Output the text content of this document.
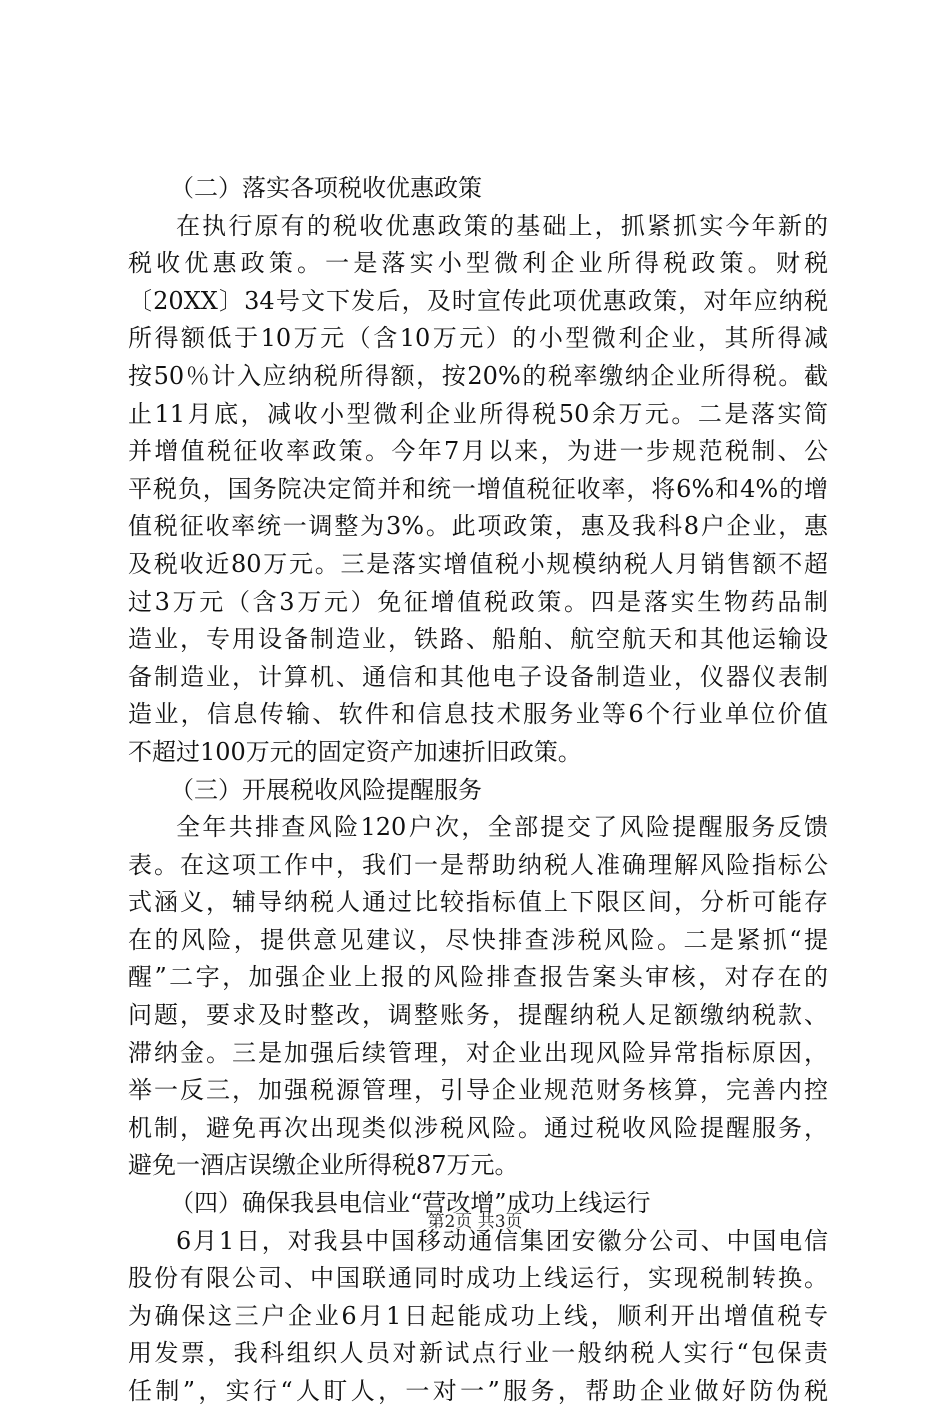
（二）落实各项税收优惠政策
在执行原有的税收优惠政策的基础上，抓紧抓实今年新的
税收优惠政策。一是落实小型微利企业所得税政策。财税
〔20XX〕34号文下发后，及时宣传此项优惠政策，对年应纳税
所得额低于10万元（含10万元）的小型微利企业，其所得减
按50％计入应纳税所得额，按20%的税率缴纳企业所得税。截
止11月底，减收小型微利企业所得税50余万元。二是落实简
并增值税征收率政策。今年7月以来，为进一步规范税制、公
平税负，国务院决定简并和统一增值税征收率，将6%和4%的增
值税征收率统一调整为3%。此项政策，惠及我科8户企业，惠
及税收近80万元。三是落实增值税小规模纳税人月销售额不超
过3万元（含3万元）免征增值税政策。四是落实生物药品制
造业，专用设备制造业，铁路、船舶、航空航天和其他运输设
备制造业，计算机、通信和其他电子设备制造业，仪器仪表制
造业，信息传输、软件和信息技术服务业等6个行业单位价值
不超过100万元的固定资产加速折旧政策。
（三）开展税收风险提醒服务
全年共排查风险120户次，全部提交了风险提醒服务反馈
表。在这项工作中，我们一是帮助纳税人准确理解风险指标公
式涵义，辅导纳税人通过比较指标值上下限区间，分析可能存
在的风险，提供意见建议，尽快排查涉税风险。二是紧抓“提
醒”二字，加强企业上报的风险排查报告案头审核，对存在的
问题，要求及时整改，调整账务，提醒纳税人足额缴纳税款、
滞纳金。三是加强后续管理，对企业出现风险异常指标原因，
举一反三，加强税源管理，引导企业规范财务核算，完善内控
机制，避免再次出现类似涉税风险。通过税收风险提醒服务，
避免一酒店误缴企业所得税87万元。
（四）确保我县电信业“营改增”成功上线运行
6月1日，对我县中国移动通信集团安徽分公司、中国电信
股份有限公司、中国联通同时成功上线运行，实现税制转换。
为确保这三户企业6月1日起能成功上线，顺利开出增值税专
用发票，我科组织人员对新试点行业一般纳税人实行“包保责
任制”，实行“人盯人，一对一”服务，帮助企业做好防伪税
第2页 共3页
